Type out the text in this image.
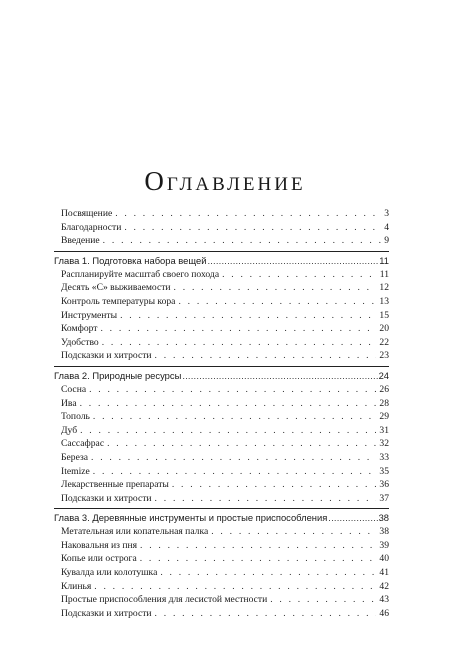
Оглавление
Посвящение . . .	3
Благодарности . . .	4
Введение . . .	9
Глава 1. Подготовка набора вещей .....	11
Распланируйте масштаб своего похода . . .	11
Десять «С» выживаемости . . .	12
Контроль температуры кора . . .	13
Инструменты . . .	15
Комфорт . . .	20
Удобство . . .	22
Подсказки и хитрости . . .	23
Глава 2. Природные ресурсы .....	24
Сосна . . .	26
Ива . . .	28
Тополь . . .	29
Дуб . . .	31
Сассафрас . . .	32
Береза . . .	33
Itemize . . .	35
Лекарственные препараты . . .	36
Подсказки и хитрости . . .	37
Глава 3. Деревянные инструменты и простые приспособления .....	38
Метательная или копательная палка . . .	38
Наковальня из пня . . .	39
Копье или острога . . .	40
Кувалда или колотушка . . .	41
Клинья . . .	42
Простые приспособления для лесистой местности . . .	43
Подсказки и хитрости . . .	46
